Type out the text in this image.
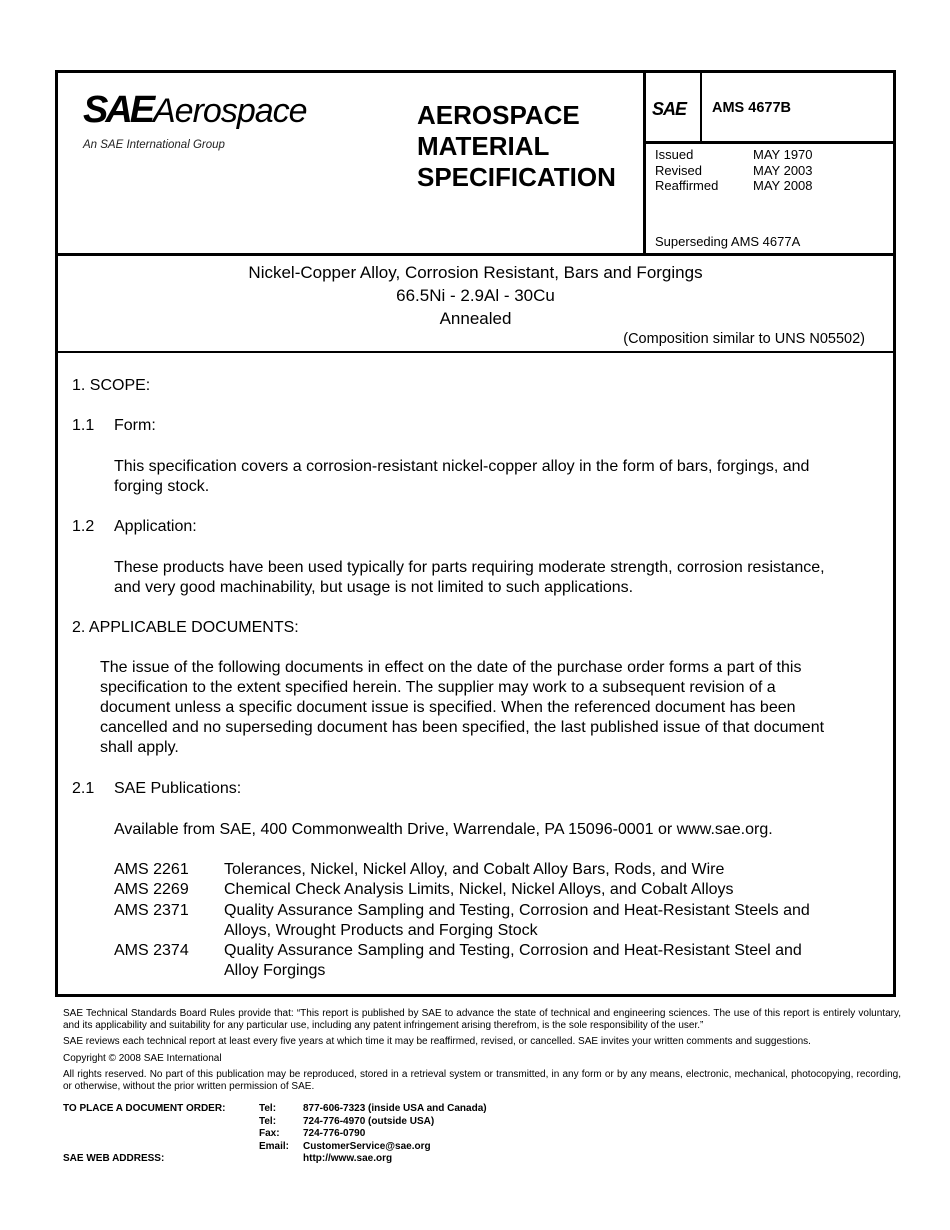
SAE Aerospace
An SAE International Group
AEROSPACE
MATERIAL
SPECIFICATION
SAE AMS 4677B
Issued	MAY 1970
Revised	MAY 2003
Reaffirmed	MAY 2008
Superseding AMS 4677A
Nickel-Copper Alloy, Corrosion Resistant, Bars and Forgings
66.5Ni - 2.9Al - 30Cu
Annealed
(Composition similar to UNS N05502)
1. SCOPE:
1.1 Form:
This specification covers a corrosion-resistant nickel-copper alloy in the form of bars, forgings, and
forging stock.
1.2 Application:
These products have been used typically for parts requiring moderate strength, corrosion resistance,
and very good machinability, but usage is not limited to such applications.
2. APPLICABLE DOCUMENTS:
The issue of the following documents in effect on the date of the purchase order forms a part of this
specification to the extent specified herein. The supplier may work to a subsequent revision of a
document unless a specific document issue is specified. When the referenced document has been
cancelled and no superseding document has been specified, the last published issue of that document
shall apply.
2.1 SAE Publications:
Available from SAE, 400 Commonwealth Drive, Warrendale, PA 15096-0001 or www.sae.org.
AMS 2261	Tolerances, Nickel, Nickel Alloy, and Cobalt Alloy Bars, Rods, and Wire
AMS 2269	Chemical Check Analysis Limits, Nickel, Nickel Alloys, and Cobalt Alloys
AMS 2371	Quality Assurance Sampling and Testing, Corrosion and Heat-Resistant Steels and
Alloys, Wrought Products and Forging Stock
AMS 2374	Quality Assurance Sampling and Testing, Corrosion and Heat-Resistant Steel and
Alloy Forgings

SAE Technical Standards Board Rules provide that: “This report is published by SAE to advance the state of technical and engineering sciences. The use of this report is entirely voluntary, and its applicability and suitability for any particular use, including any patent infringement arising therefrom, is the sole responsibility of the user.”

SAE reviews each technical report at least every five years at which time it may be reaffirmed, revised, or cancelled. SAE invites your written comments and suggestions.

Copyright © 2008 SAE International

All rights reserved. No part of this publication may be reproduced, stored in a retrieval system or transmitted, in any form or by any means, electronic, mechanical, photocopying, recording, or otherwise, without the prior written permission of SAE.

TO PLACE A DOCUMENT ORDER:	Tel:	877-606-7323 (inside USA and Canada)
Tel:	724-776-4970 (outside USA)
Fax:	724-776-0790
Email:	CustomerService@sae.org
SAE WEB ADDRESS:	http://www.sae.org
